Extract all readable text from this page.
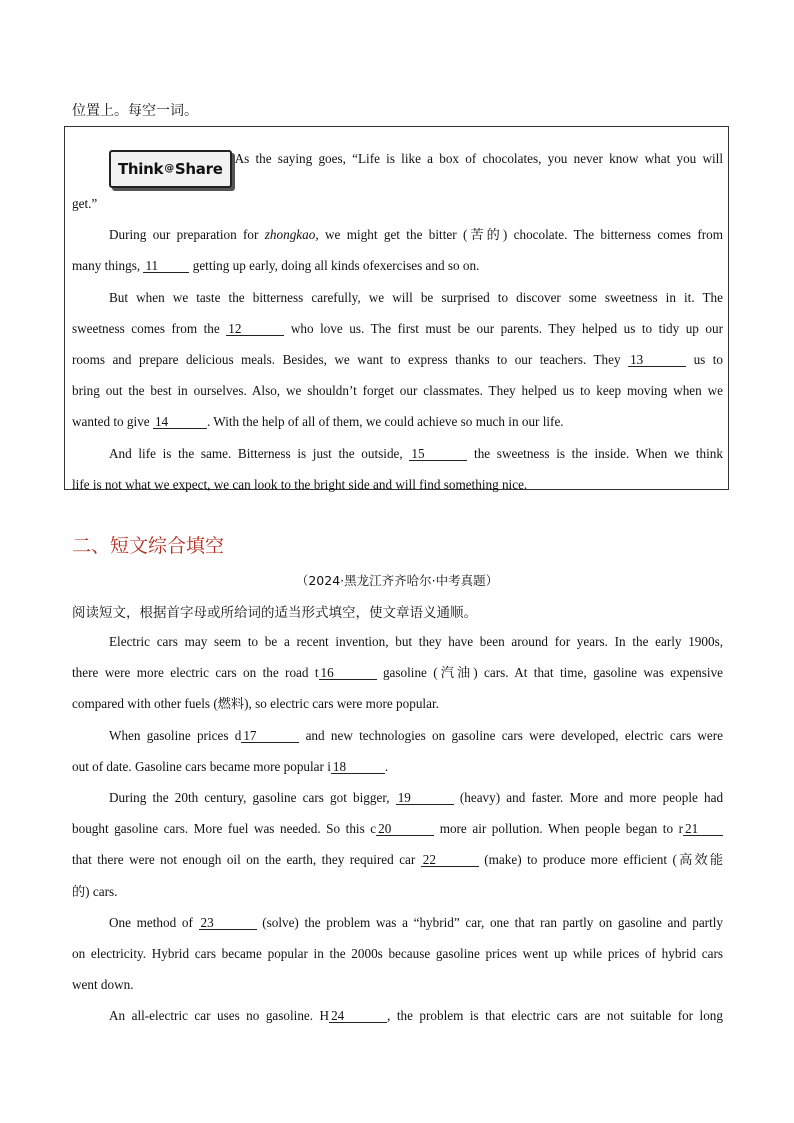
位置上。每空一词。
Think @ Share
As the saying goes, “Life is like a box of chocolates, you never know what you will
get.”
During our preparation for zhongkao, we might get the bitter (苦的) chocolate. The bitterness comes from
many things, 11	getting up early, doing all kinds ofexercises and so on.
But when we taste the bitterness carefully, we will be surprised to discover some sweetness in it. The
sweetness comes from the 12	who love us. The first must be our parents. They helped us to tidy up our
rooms and prepare delicious meals. Besides, we want to express thanks to our teachers. They 13	us to
bring out the best in ourselves. Also, we shouldn’t forget our classmates. They helped us to keep moving when we
wanted to give 14	. With the help of all of them, we could achieve so much in our life.
And life is the same. Bitterness is just the outside, 15	the sweetness is the inside. When we think
life is not what we expect, we can look to the bright side and will find something nice.
二、短文综合填空
（2024·黑龙江齐齐哈尔·中考真题）
阅读短文，根据首字母或所给词的适当形式填空，使文章语义通顺。
Electric cars may seem to be a recent invention, but they have been around for years. In the early 1900s,
there were more electric cars on the road t 16	gasoline (汽油) cars. At that time, gasoline was expensive
compared with other fuels (燃料), so electric cars were more popular.
When gasoline prices d 17	and new technologies on gasoline cars were developed, electric cars were
out of date. Gasoline cars became more popular i 18	.
During the 20th century, gasoline cars got bigger, 19	(heavy) and faster. More and more people had
bought gasoline cars. More fuel was needed. So this c 20	more air pollution. When people began to r 21
that there were not enough oil on the earth, they required car 22	(make) to produce more efficient (高效能
的) cars.
One method of 23	(solve) the problem was a “hybrid” car, one that ran partly on gasoline and partly
on electricity. Hybrid cars became popular in the 2000s because gasoline prices went up while prices of hybrid cars
went down.
An all-electric car uses no gasoline. H 24	, the problem is that electric cars are not suitable for long
